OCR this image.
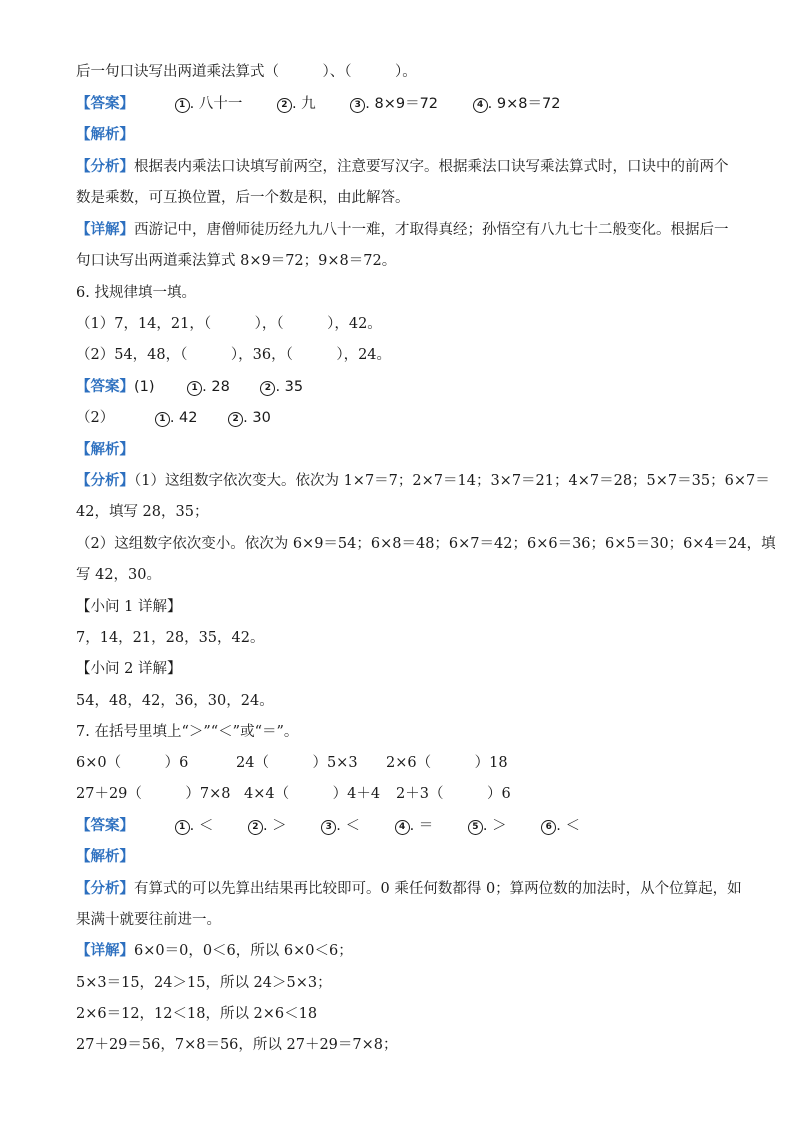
后一句口诀写出两道乘法算式（　　　）、（　　　）。
【答案】	1 . 八十一	2 . 九	3 . 8×9＝72	4 . 9×8＝72
【解析】
【分析】根据表内乘法口诀填写前两空，注意要写汉字。根据乘法口诀写乘法算式时，口诀中的前两个
数是乘数，可互换位置，后一个数是积，由此解答。
【详解】西游记中，唐僧师徒历经九九八十一难，才取得真经；孙悟空有八九七十二般变化。根据后一
句口诀写出两道乘法算式 8×9＝72；9×8＝72。
6. 找规律填一填。
（1）7，14，21，（　　　），（　　　），42。
（2）54，48，（　　　），36，（　　　），24。
【答案】(1)	1 . 28	2 . 35
（2）	1 . 42	2 . 30
【解析】
【分析】（1）这组数字依次变大。依次为 1×7＝7；2×7＝14；3×7＝21；4×7＝28；5×7＝35；6×7＝
42，填写 28，35；
（2）这组数字依次变小。依次为 6×9＝54；6×8＝48；6×7＝42；6×6＝36；6×5＝30；6×4＝24，填
写 42，30。
【小问 1 详解】
7，14，21，28，35，42。
【小问 2 详解】
54，48，42，36，30，24。
7. 在括号里填上“＞”“＜”或“＝”。
6×0（　　　）6	24（　　　）5×3 2×6（　　　）18
27＋29（　　　）7×8 4×4（　　　）4＋4 2＋3（　　　）6
【答案】	1 . ＜	2 . ＞	3 . ＜	4 . ＝	5 . ＞	6 . ＜
【解析】
【分析】有算式的可以先算出结果再比较即可。0 乘任何数都得 0；算两位数的加法时，从个位算起，如
果满十就要往前进一。
【详解】6×0＝0，0＜6，所以 6×0＜6；
5×3＝15，24＞15，所以 24＞5×3；
2×6＝12，12＜18，所以 2×6＜18
27＋29＝56，7×8＝56，所以 27＋29＝7×8；
